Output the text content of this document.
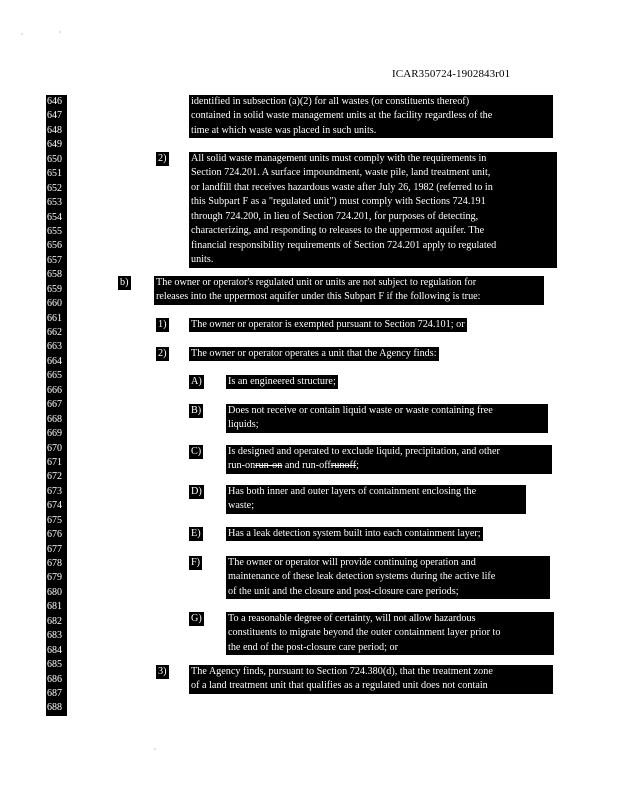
ICAR350724-1902843r01
646
647
648
649
650
651
652
653
654
655
656
657
658
659
660
661
662
663
664
665
666
667
668
669
670
671
672
673
674
675
676
677
678
679
680
681
682
683
684
685
686
687
688
identified in subsection (a)(2) for all wastes (or constituents thereof)
contained in solid waste management units at the facility regardless of the
time at which waste was placed in such units.
2) All solid waste management units must comply with the requirements in
Section 724.201. A surface impoundment, waste pile, land treatment unit,
or landfill that receives hazardous waste after July 26, 1982 (referred to in
this Subpart F as a "regulated unit") must comply with Sections 724.191
through 724.200, in lieu of Section 724.201, for purposes of detecting,
characterizing, and responding to releases to the uppermost aquifer. The
financial responsibility requirements of Section 724.201 apply to regulated
units.
b)	The owner or operator's regulated unit or units are not subject to regulation for
releases into the uppermost aquifer under this Subpart F if the following is true:
1) The owner or operator is exempted pursuant to Section 724.101; or
2) The owner or operator operates a unit that the Agency finds:
A)	Is an engineered structure;
B)	Does not receive or contain liquid waste or waste containing free
liquids;
C)	Is designed and operated to exclude liquid, precipitation, and other
run-onrun-on and run-offrunoff;
D)	Has both inner and outer layers of containment enclosing the
waste;
E)	Has a leak detection system built into each containment layer;
F)	The owner or operator will provide continuing operation and
maintenance of these leak detection systems during the active life
of the unit and the closure and post-closure care periods;
G)	To a reasonable degree of certainty, will not allow hazardous
constituents to migrate beyond the outer containment layer prior to
the end of the post-closure care period; or
3) The Agency finds, pursuant to Section 724.380(d), that the treatment zone
of a land treatment unit that qualifies as a regulated unit does not contain
